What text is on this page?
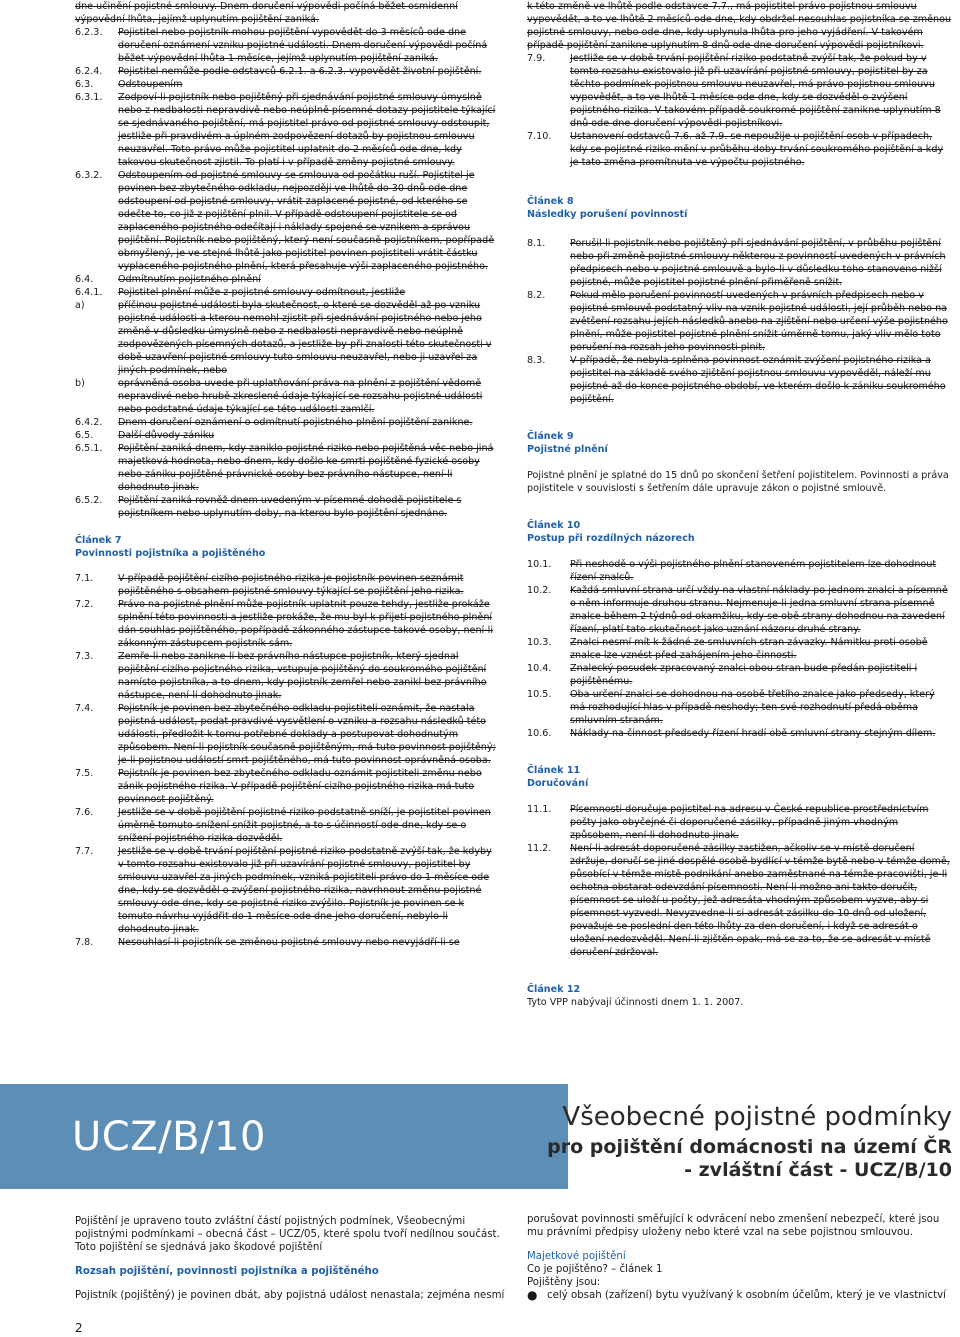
dne učinění pojistné smlouvy. Dnem doručení výpovědi počíná běžet osmidenní výpovědní lhůta, jejímž uplynutím pojištění zaniká.
6.2.3. Pojistitel nebo pojistník mohou pojištění vypovědět do 3 měsíců ode dne doručení oznámení vzniku pojistné události. Dnem doručení výpovědi počíná běžet výpovědní lhůta 1 měsíce, jejímž uplynutím pojištění zaniká.
6.2.4. Pojistitel nemůže podle odstavců 6.2.1. a 6.2.3. vypovědět životní pojištění.
6.3.	Odstoupením
6.3.1. Zodpoví-li pojistník nebo pojištěný při sjednávání pojistné smlouvy úmyslně nebo z nedbalosti nepravdivě nebo neúplně písemné dotazy pojistitele týkající se sjednávaného pojištění, má pojistitel právo od pojistné smlouvy odstoupit, jestliže při pravdivém a úplném zodpovězení dotazů by pojistnou smlouvu neuzavřel. Toto právo může pojistitel uplatnit do 2 měsíců ode dne, kdy takovou skutečnost zjistil. To platí i v případě změny pojistné smlouvy.
6.3.2. Odstoupením od pojistné smlouvy se smlouva od počátku ruší. Pojistitel je povinen bez zbytečného odkladu, nejpozději ve lhůtě do 30 dnů ode dne odstoupení od pojistné smlouvy, vrátit zaplacené pojistné, od kterého se odečte to, co již z pojištění plnil. V případě odstoupení pojistitele se od zaplaceného pojistného odečítají i náklady spojené se vznikem a správou pojištění. Pojistník nebo pojištěný, který není současně pojistníkem, popřípadě obmyšlený, je ve stejné lhůtě jako pojistitel povinen pojistiteli vrátit částku vyplaceného pojistného plnění, která přesahuje výši zaplaceného pojistného.
6.4.	Odmítnutím pojistného plnění
6.4.1. Pojistitel plnění může z pojistné smlouvy odmítnout, jestliže
a)	příčinou pojistné události byla skutečnost, o které se dozvěděl až po vzniku pojistné události a kterou nemohl zjistit při sjednávání pojistného nebo jeho změně v důsledku úmyslně nebo z nedbalosti nepravdivě nebo neúplně zodpovězených písemných dotazů, a jestliže by při znalosti této skutečnosti v době uzavření pojistné smlouvy tuto smlouvu neuzavřel, nebo ji uzavřel za jiných podmínek, nebo
b)	oprávněná osoba uvede při uplatňování práva na plnění z pojištění vědomě nepravdivé nebo hrubě zkreslené údaje týkající se rozsahu pojistné události nebo podstatné údaje týkající se této události zamlčí.
6.4.2. Dnem doručení oznámení o odmítnutí pojistného plnění pojištění zanikne.
6.5.	Další důvody zániku
6.5.1. Pojištění zaniká dnem, kdy zaniklo pojistné riziko nebo pojištěná věc nebo jiná majetková hodnota, nebo dnem, kdy došlo ke smrti pojištěné fyzické osoby nebo zániku pojištěné právnické osoby bez právního nástupce, není-li dohodnuto jinak.
6.5.2. Pojištění zaniká rovněž dnem uvedeným v písemné dohodě pojistitele s pojistníkem nebo uplynutím doby, na kterou bylo pojištění sjednáno.
Článek 7
Povinnosti pojistníka a pojištěného
7.1.	V případě pojištění cizího pojistného rizika je pojistník povinen seznámit pojištěného s obsahem pojistné smlouvy týkající se pojištění jeho rizika.
7.2.	Právo na pojistné plnění může pojistník uplatnit pouze tehdy, jestliže prokáže splnění této povinnosti a jestliže prokáže, že mu byl k přijetí pojistného plnění dán souhlas pojištěného, popřípadě zákonného zástupce takové osoby, není-li zákonným zástupcem pojistník sám.
7.3.	Zemře-li nebo zanikne-li bez právního nástupce pojistník, který sjednal pojištění cizího pojistného rizika, vstupuje pojištěný do soukromého pojištění namísto pojistníka, a to dnem, kdy pojistník zemřel nebo zanikl bez právního nástupce, není-li dohodnuto jinak.
7.4.	Pojistník je povinen bez zbytečného odkladu pojistiteli oznámit, že nastala pojistná událost, podat pravdivé vysvětlení o vzniku a rozsahu následků této události, předložit k tomu potřebné doklady a postupovat dohodnutým způsobem. Není-li pojistník současně pojištěným, má tuto povinnost pojištěný; je-li pojistnou událostí smrt pojištěného, má tuto povinnost oprávněná osoba.
7.5.	Pojistník je povinen bez zbytečného odkladu oznámit pojistiteli změnu nebo zánik pojistného rizika. V případě pojištění cizího pojistného rizika má tuto povinnost pojištěný.
7.6.	Jestliže se v době pojištění pojistné riziko podstatně sníží, je pojistitel povinen úměrně tomuto snížení snížit pojistné, a to s účinností ode dne, kdy se o snížení pojistného rizika dozvěděl.
7.7.	Jestliže se v době trvání pojištění pojistné riziko podstatně zvýší tak, že kdyby v tomto rozsahu existovalo již při uzavírání pojistné smlouvy, pojistitel by smlouvu uzavřel za jiných podmínek, vzniká pojistiteli právo do 1 měsíce ode dne, kdy se dozvěděl o zvýšení pojistného rizika, navrhnout změnu pojistné smlouvy ode dne, kdy se pojistné riziko zvýšilo. Pojistník je povinen se k tomuto návrhu vyjádřit do 1 měsíce ode dne jeho doručení, nebylo-li dohodnuto jinak.
7.8.	Nesouhlasí-li pojistník se změnou pojistné smlouvy nebo nevyjádří-li se
k této změně ve lhůtě podle odstavce 7.7., má pojistitel právo pojistnou smlouvu vypovědět, a to ve lhůtě 2 měsíců ode dne, kdy obdržel nesouhlas pojistníka se změnou pojistné smlouvy, nebo ode dne, kdy uplynula lhůta pro jeho vyjádření. V takovém případě pojištění zanikne uplynutím 8 dnů ode dne doručení výpovědi pojistníkovi.
7.9.	Jestliže se v době trvání pojištění riziko podstatně zvýší tak, že pokud by v tomto rozsahu existovalo již při uzavírání pojistné smlouvy, pojistitel by za těchto podmínek pojistnou smlouvu neuzavřel, má právo pojistnou smlouvu vypovědět, a to ve lhůtě 1 měsíce ode dne, kdy se dozvěděl o zvýšení pojistného rizika. V takovém případě soukromé pojištění zanikne uplynutím 8 dnů ode dne doručení výpovědi pojistníkovi.
7.10. Ustanovení odstavců 7.6. až 7.9. se nepoužije u pojištění osob v případech, kdy se pojistné riziko mění v průběhu doby trvání soukromého pojištění a kdy je tato změna promítnuta ve výpočtu pojistného.
Článek 8
Následky porušení povinností
8.1.	Porušil-li pojistník nebo pojištěný při sjednávání pojištění, v průběhu pojištění nebo při změně pojistné smlouvy některou z povinností uvedených v právních předpisech nebo v pojistné smlouvě a bylo-li v důsledku toho stanoveno nižší pojistné, může pojistitel pojistné plnění přiměřeně snížit.
8.2.	Pokud mělo porušení povinností uvedených v právních předpisech nebo v pojistné smlouvě podstatný vliv na vznik pojistné události, její průběh nebo na zvětšení rozsahu jejích následků anebo na zjištění nebo určení výše pojistného plnění, může pojistitel pojistné plnění snížit úměrně tomu, jaký vliv mělo toto porušení na rozsah jeho povinnosti plnit.
8.3.	V případě, že nebyla splněna povinnost oznámit zvýšení pojistného rizika a pojistitel na základě svého zjištění pojistnou smlouvu vypověděl, náleží mu pojistné až do konce pojistného období, ve kterém došlo k zániku soukromého pojištění.
Článek 9
Pojistné plnění
Pojistné plnění je splatné do 15 dnů po skončení šetření pojistitelem. Povinnosti a práva pojistitele v souvislosti s šetřením dále upravuje zákon o pojistné smlouvě.
Článek 10
Postup při rozdílných názorech
10.1. Při neshodě o výši pojistného plnění stanoveném pojistitelem lze dohodnout řízení znalců.
10.2. Každá smluvní strana určí vždy na vlastní náklady po jednom znalci a písemně o něm informuje druhou stranu. Nejmenuje-li jedna smluvní strana písemně znalce během 2 týdnů od okamžiku, kdy se obě strany dohodnou na zavedení řízení, platí tato skutečnost jako uznání názoru druhé strany.
10.3. Znalci nesmí mít k žádné ze smluvních stran závazky. Námitku proti osobě znalce lze vznést před zahájením jeho činnosti.
10.4. Znalecký posudek zpracovaný znalci obou stran bude předán pojistiteli i pojištěnému.
10.5. Oba určení znalci se dohodnou na osobě třetího znalce jako předsedy, který má rozhodující hlas v případě neshody; ten své rozhodnutí předá oběma smluvním stranám.
10.6. Náklady na činnost předsedy řízení hradí obě smluvní strany stejným dílem.
Článek 11
Doručování
11.1. Písemnosti doručuje pojistitel na adresu v České republice prostřednictvím pošty jako obyčejné či doporučené zásilky, případně jiným vhodným způsobem, není-li dohodnuto jinak.
11.2. Není-li adresát doporučené zásilky zastižen, ačkoliv se v místě doručení zdržuje, doručí se jiné dospělé osobě bydlící v témže bytě nebo v témže domě, působící v témže místě podnikání anebo zaměstnané na témže pracovišti, je-li ochotna obstarat odevzdání písemnosti. Není-li možno ani takto doručit, písemnost se uloží u pošty, jež adresáta vhodným způsobem vyzve, aby si písemnost vyzvedl. Nevyzvedne-li si adresát zásilku do 10 dnů od uložení, považuje se poslední den této lhůty za den doručení, i když se adresát o uložení nedozvěděl. Není-li zjištěn opak, má se za to, že se adresát v místě doručení zdržoval.
Článek 12
Tyto VPP nabývají účinnosti dnem 1. 1. 2007.
UCZ/B/10	Všeobecné pojistné podmínky
pro pojištění domácnosti na území ČR
- zvláštní část - UCZ/B/10
Pojištění je upraveno touto zvláštní částí pojistných podmínek, Všeobecnými pojistnými podmínkami – obecná část – UCZ/05, které spolu tvoří nedílnou součást. Toto pojištění se sjednává jako škodové pojištění
Rozsah pojištění, povinnosti pojistníka a pojištěného
Pojistník (pojištěný) je povinen dbát, aby pojistná událost nenastala; zejména nesmí
porušovat povinnosti směřující k odvrácení nebo zmenšení nebezpečí, které jsou mu právními předpisy uloženy nebo které vzal na sebe pojistnou smlouvou.
Majetkové pojištění
Co je pojištěno? – článek 1
Pojištěny jsou:
● celý obsah (zařízení) bytu využívaný k osobním účelům, který je ve vlastnictví
2
